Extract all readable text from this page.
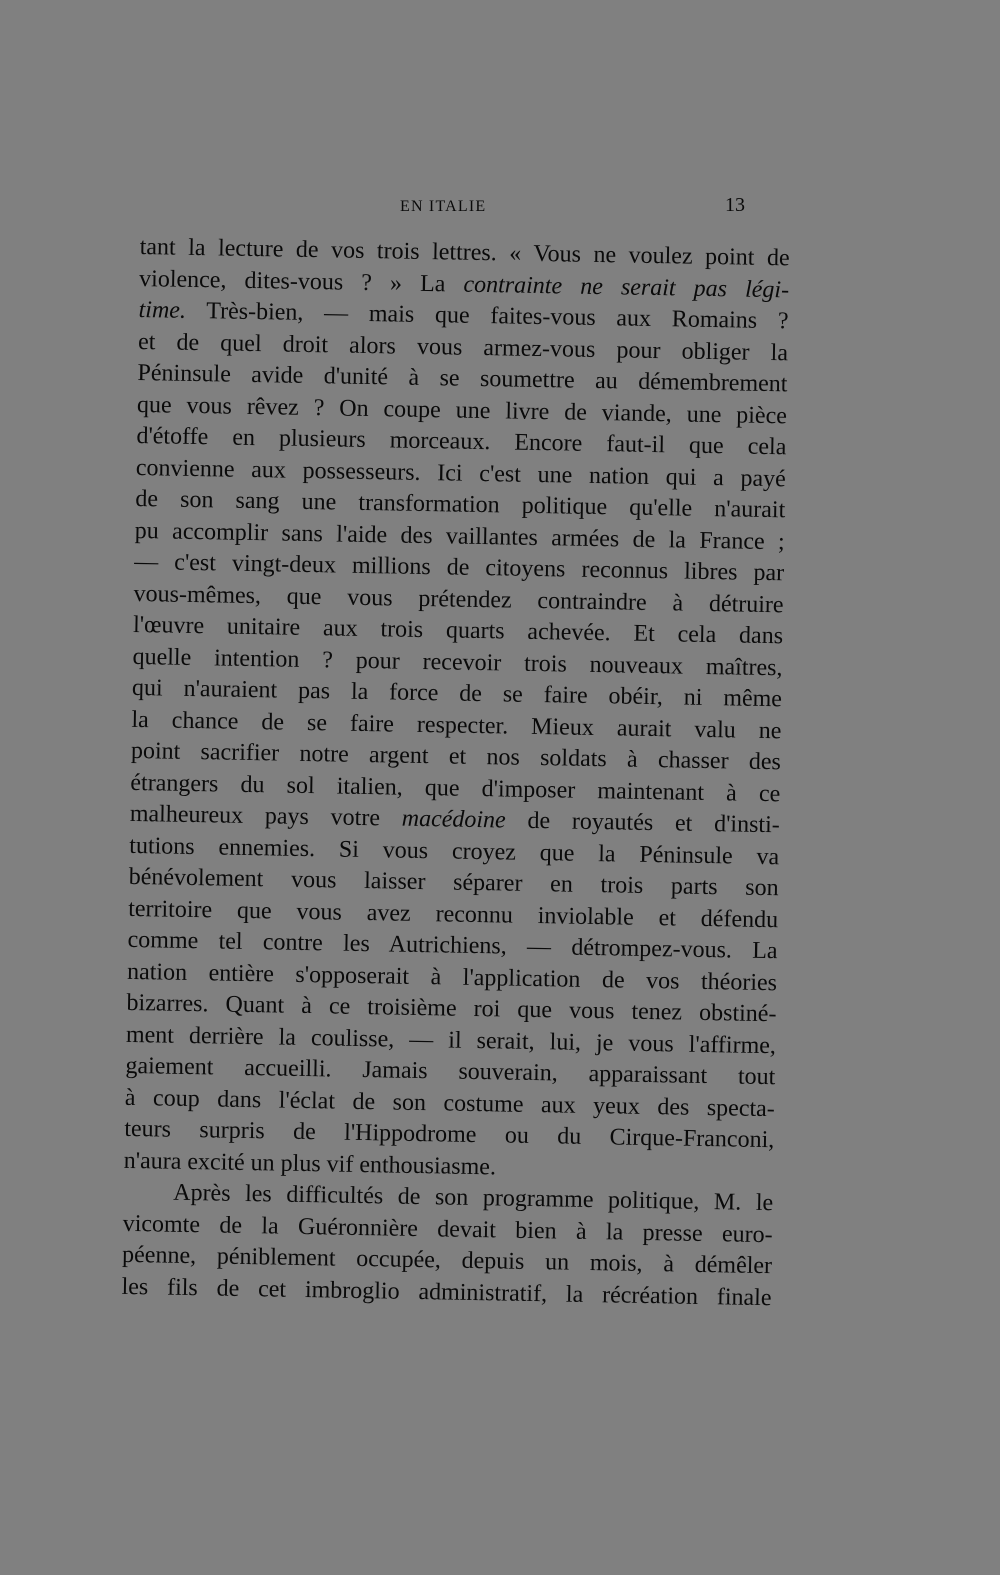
EN ITALIE	13
tant la lecture de vos trois lettres. « Vous ne voulez point de
violence, dites-vous ? » La contrainte ne serait pas légi-
time. Très-bien, — mais que faites-vous aux Romains ?
et de quel droit alors vous armez-vous pour obliger la
Péninsule avide d'unité à se soumettre au démembrement
que vous rêvez ? On coupe une livre de viande, une pièce
d'étoffe en plusieurs morceaux. Encore faut-il que cela
convienne aux possesseurs. Ici c'est une nation qui a payé
de son sang une transformation politique qu'elle n'aurait
pu accomplir sans l'aide des vaillantes armées de la France ;
— c'est vingt-deux millions de citoyens reconnus libres par
vous-mêmes, que vous prétendez contraindre à détruire
l'œuvre unitaire aux trois quarts achevée. Et cela dans
quelle intention ? pour recevoir trois nouveaux maîtres,
qui n'auraient pas la force de se faire obéir, ni même
la chance de se faire respecter. Mieux aurait valu ne
point sacrifier notre argent et nos soldats à chasser des
étrangers du sol italien, que d'imposer maintenant à ce
malheureux pays votre macédoine de royautés et d'insti-
tutions ennemies. Si vous croyez que la Péninsule va
bénévolement vous laisser séparer en trois parts son
territoire que vous avez reconnu inviolable et défendu
comme tel contre les Autrichiens, — détrompez-vous. La
nation entière s'opposerait à l'application de vos théories
bizarres. Quant à ce troisième roi que vous tenez obstiné-
ment derrière la coulisse, — il serait, lui, je vous l'affirme,
gaiement accueilli. Jamais souverain, apparaissant tout
à coup dans l'éclat de son costume aux yeux des specta-
teurs surpris de l'Hippodrome ou du Cirque-Franconi,
n'aura excité un plus vif enthousiasme.
Après les difficultés de son programme politique, M. le
vicomte de la Guéronnière devait bien à la presse euro-
péenne, péniblement occupée, depuis un mois, à démêler
les fils de cet imbroglio administratif, la récréation finale
